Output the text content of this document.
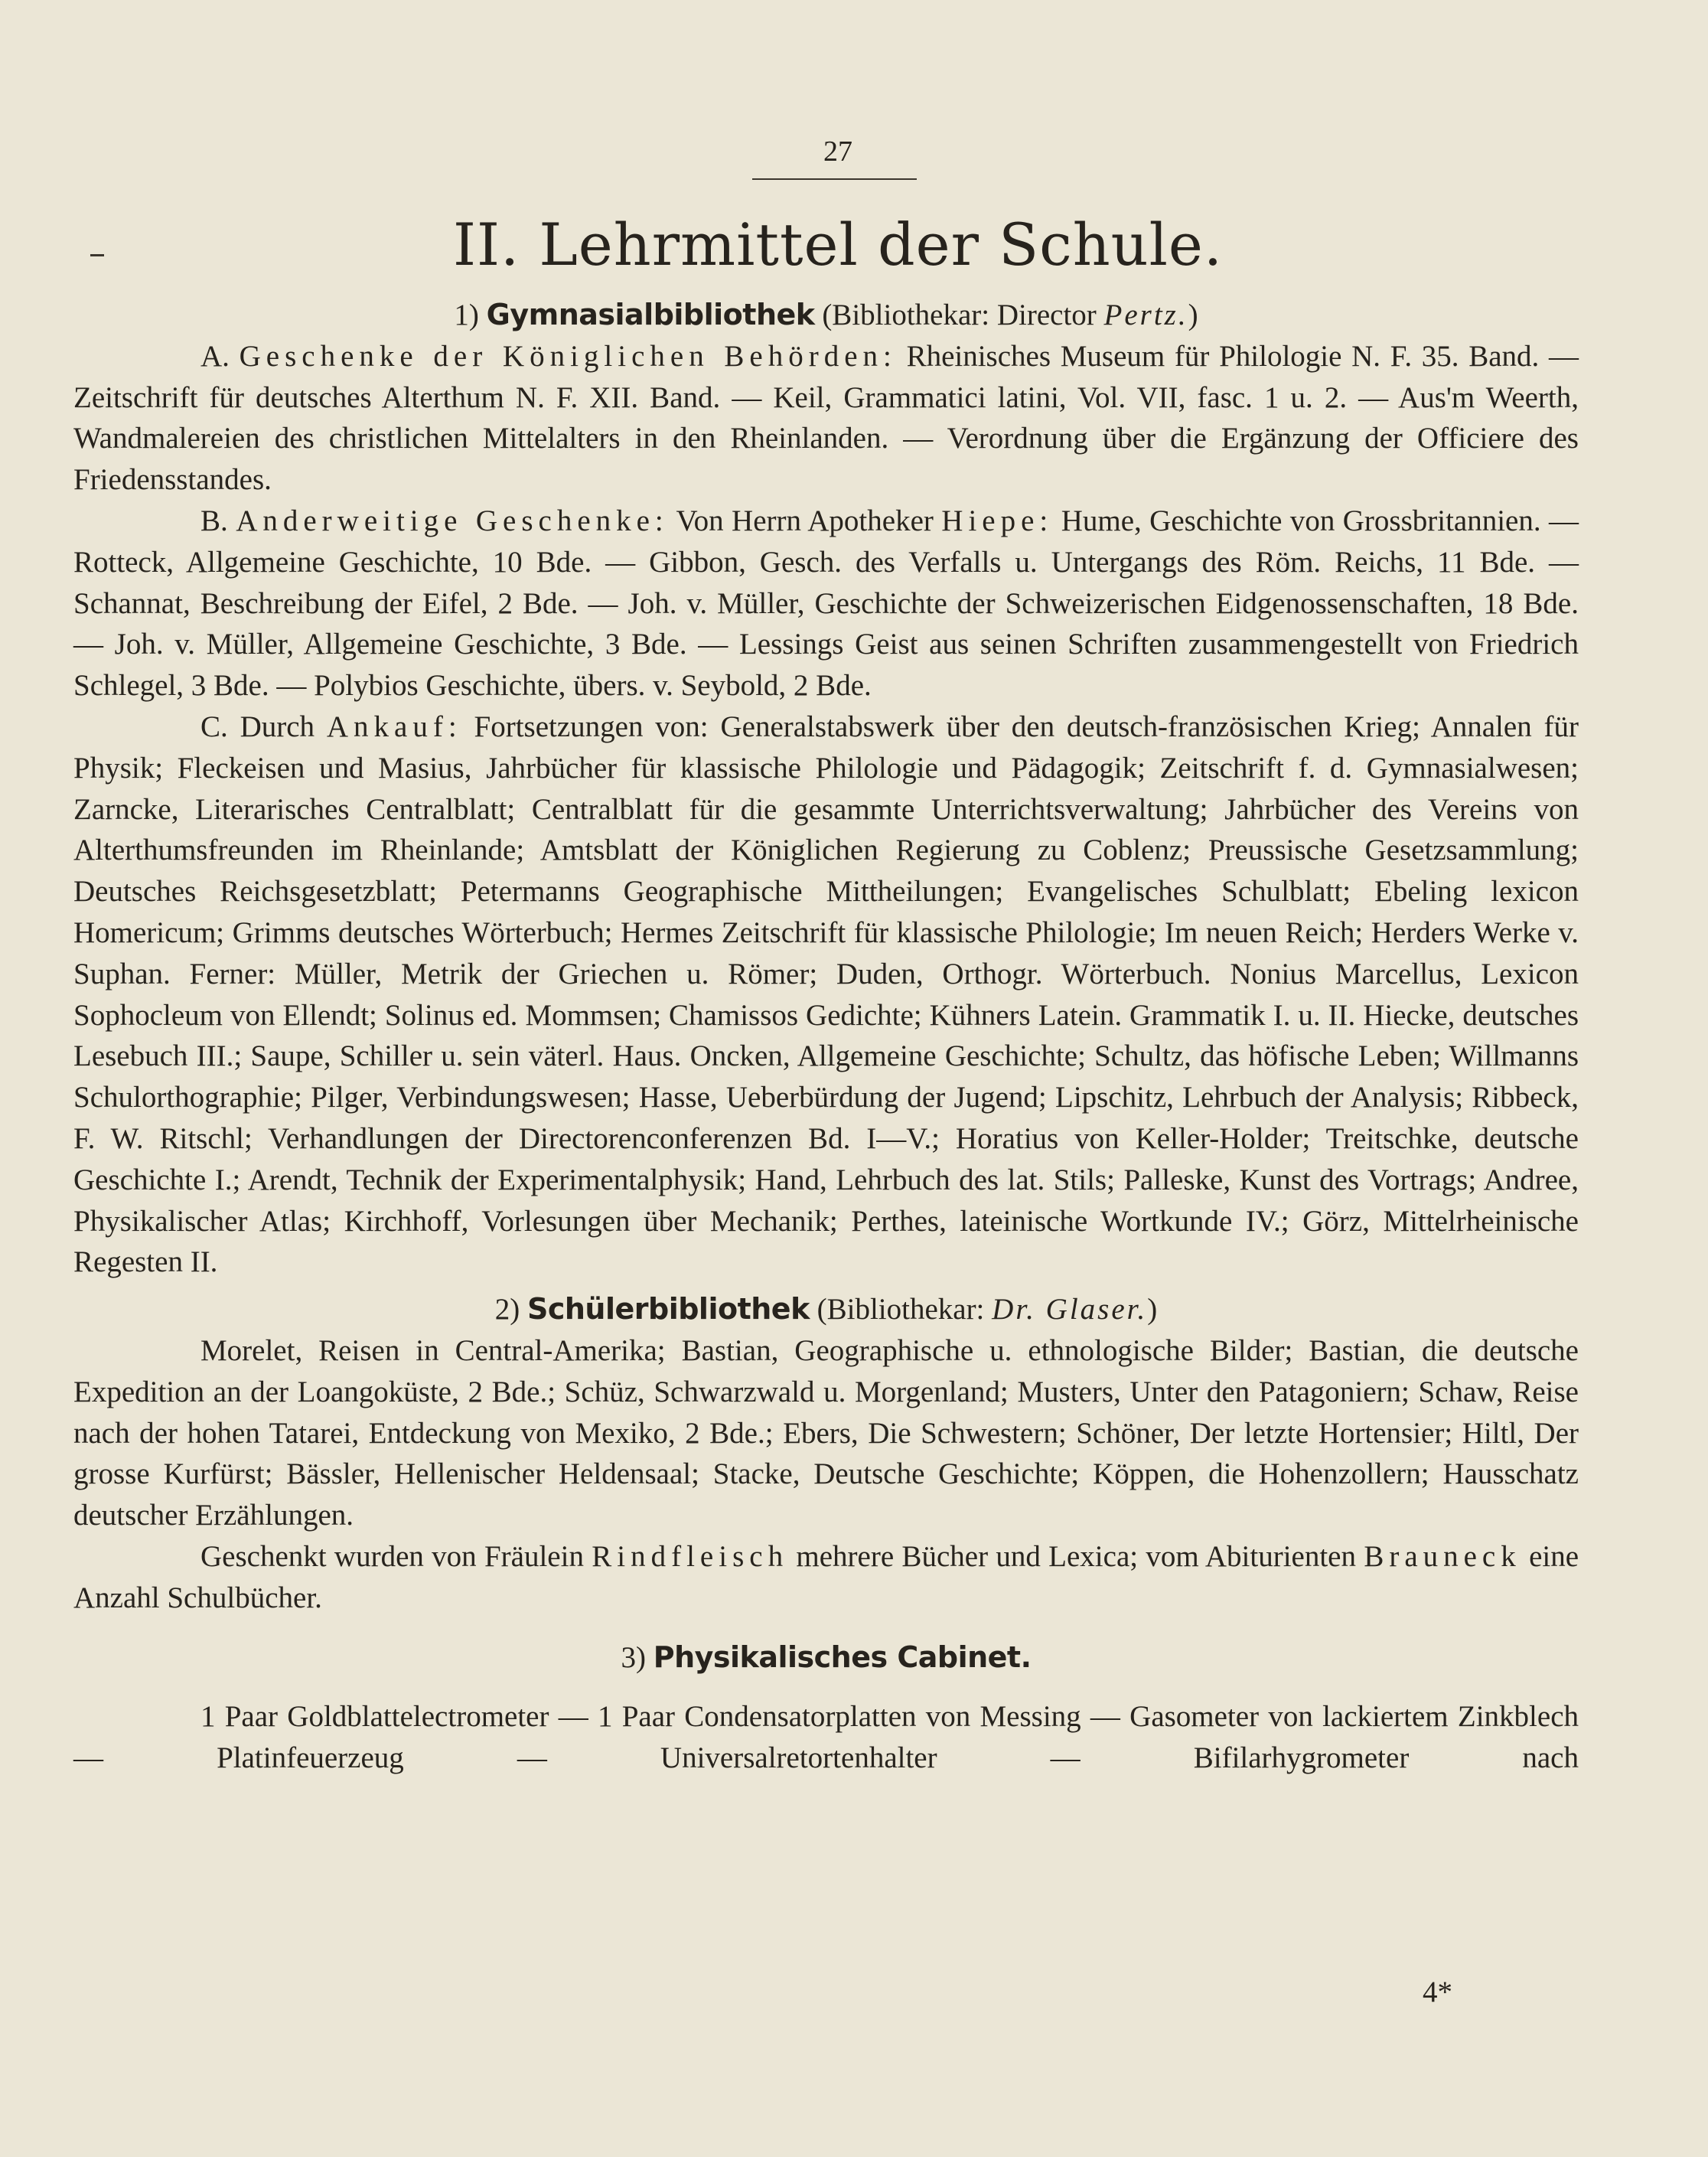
27
II. Lehrmittel der Schule.

1) Gymnasialbibliothek (Bibliothekar: Director Pertz.)

A. Geschenke der Königlichen Behörden: Rheinisches Museum für Philologie N. F. 35. Band. — Zeitschrift für deutsches Alterthum N. F. XII. Band. — Keil, Grammatici latini, Vol. VII, fasc. 1 u. 2. — Aus'm Weerth, Wandmalereien des christlichen Mittelalters in den Rheinlanden. — Verordnung über die Ergänzung der Officiere des Friedensstandes.

B. Anderweitige Geschenke: Von Herrn Apotheker Hiepe: Hume, Geschichte von Grossbritannien. — Rotteck, Allgemeine Geschichte, 10 Bde. — Gibbon, Gesch. des Verfalls u. Untergangs des Röm. Reichs, 11 Bde. — Schannat, Beschreibung der Eifel, 2 Bde. — Joh. v. Müller, Geschichte der Schweizerischen Eidgenossenschaften, 18 Bde. — Joh. v. Müller, Allgemeine Geschichte, 3 Bde. — Lessings Geist aus seinen Schriften zusammengestellt von Friedrich Schlegel, 3 Bde. — Polybios Geschichte, übers. v. Seybold, 2 Bde.

C. Durch Ankauf: Fortsetzungen von: Generalstabswerk über den deutsch-französischen Krieg; Annalen für Physik; Fleckeisen und Masius, Jahrbücher für klassische Philologie und Pädagogik; Zeitschrift f. d. Gymnasialwesen; Zarncke, Literarisches Centralblatt; Centralblatt für die gesammte Unterrichtsverwaltung; Jahrbücher des Vereins von Alterthumsfreunden im Rheinlande; Amtsblatt der Königlichen Regierung zu Coblenz; Preussische Gesetzsammlung; Deutsches Reichsgesetzblatt; Petermanns Geographische Mittheilungen; Evangelisches Schulblatt; Ebeling lexicon Homericum; Grimms deutsches Wörterbuch; Hermes Zeitschrift für klassische Philologie; Im neuen Reich; Herders Werke v. Suphan. Ferner: Müller, Metrik der Griechen u. Römer; Duden, Orthogr. Wörterbuch. Nonius Marcellus, Lexicon Sophocleum von Ellendt; Solinus ed. Mommsen; Chamissos Gedichte; Kühners Latein. Grammatik I. u. II. Hiecke, deutsches Lesebuch III.; Saupe, Schiller u. sein väterl. Haus. Oncken, Allgemeine Geschichte; Schultz, das höfische Leben; Willmanns Schulorthographie; Pilger, Verbindungswesen; Hasse, Ueberbürdung der Jugend; Lipschitz, Lehrbuch der Analysis; Ribbeck, F. W. Ritschl; Verhandlungen der Directorenconferenzen Bd. I—V.; Horatius von Keller-Holder; Treitschke, deutsche Geschichte I.; Arendt, Technik der Experimentalphysik; Hand, Lehrbuch des lat. Stils; Palleske, Kunst des Vortrags; Andree, Physikalischer Atlas; Kirchhoff, Vorlesungen über Mechanik; Perthes, lateinische Wortkunde IV.; Görz, Mittelrheinische Regesten II.

2) Schülerbibliothek (Bibliothekar: Dr. Glaser.)

Morelet, Reisen in Central-Amerika; Bastian, Geographische u. ethnologische Bilder; Bastian, die deutsche Expedition an der Loangoküste, 2 Bde.; Schüz, Schwarzwald u. Morgenland; Musters, Unter den Patagoniern; Schaw, Reise nach der hohen Tatarei, Entdeckung von Mexiko, 2 Bde.; Ebers, Die Schwestern; Schöner, Der letzte Hortensier; Hiltl, Der grosse Kurfürst; Bässler, Hellenischer Heldensaal; Stacke, Deutsche Geschichte; Köppen, die Hohenzollern; Hausschatz deutscher Erzählungen.

Geschenkt wurden von Fräulein Rindfleisch mehrere Bücher und Lexica; vom Abiturienten Brauneck eine Anzahl Schulbücher.

3) Physikalisches Cabinet.

1 Paar Goldblattelectrometer — 1 Paar Condensatorplatten von Messing — Gasometer von lackiertem Zinkblech — Platinfeuerzeug — Universalretortenhalter — Bifilarhygrometer nach

4*
